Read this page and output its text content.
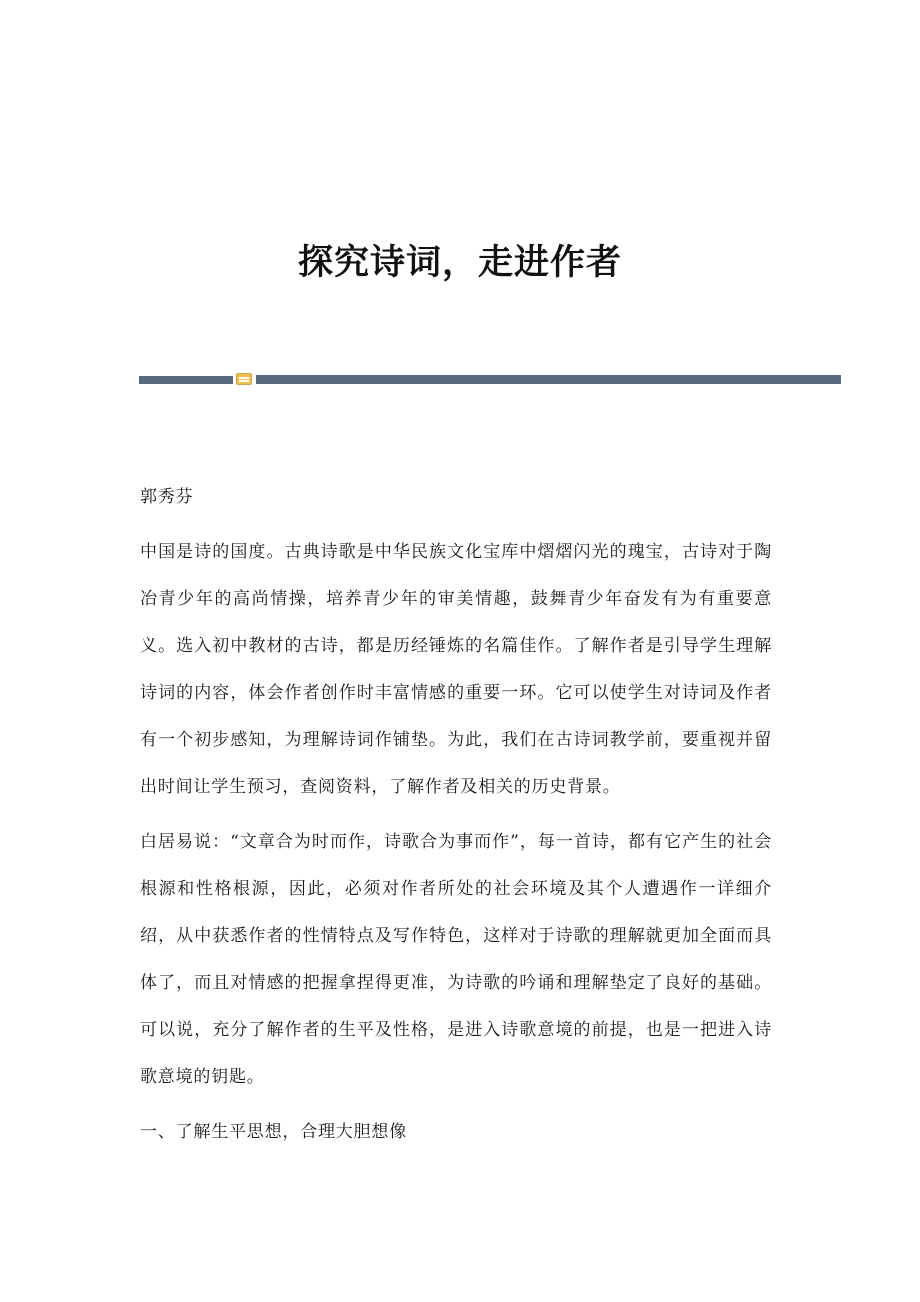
探究诗词，走进作者

郭秀芬

中国是诗的国度。古典诗歌是中华民族文化宝库中熠熠闪光的瑰宝，古诗对于陶冶青少年的高尚情操，培养青少年的审美情趣，鼓舞青少年奋发有为有重要意义。选入初中教材的古诗，都是历经锤炼的名篇佳作。了解作者是引导学生理解诗词的内容，体会作者创作时丰富情感的重要一环。它可以使学生对诗词及作者有一个初步感知，为理解诗词作铺垫。为此，我们在古诗词教学前，要重视并留出时间让学生预习，查阅资料，了解作者及相关的历史背景。

白居易说：“文章合为时而作，诗歌合为事而作”，每一首诗，都有它产生的社会根源和性格根源，因此，必须对作者所处的社会环境及其个人遭遇作一详细介绍，从中获悉作者的性情特点及写作特色，这样对于诗歌的理解就更加全面而具体了，而且对情感的把握拿捏得更准，为诗歌的吟诵和理解垫定了良好的基础。可以说，充分了解作者的生平及性格，是进入诗歌意境的前提，也是一把进入诗歌意境的钥匙。

一、了解生平思想，合理大胆想像
